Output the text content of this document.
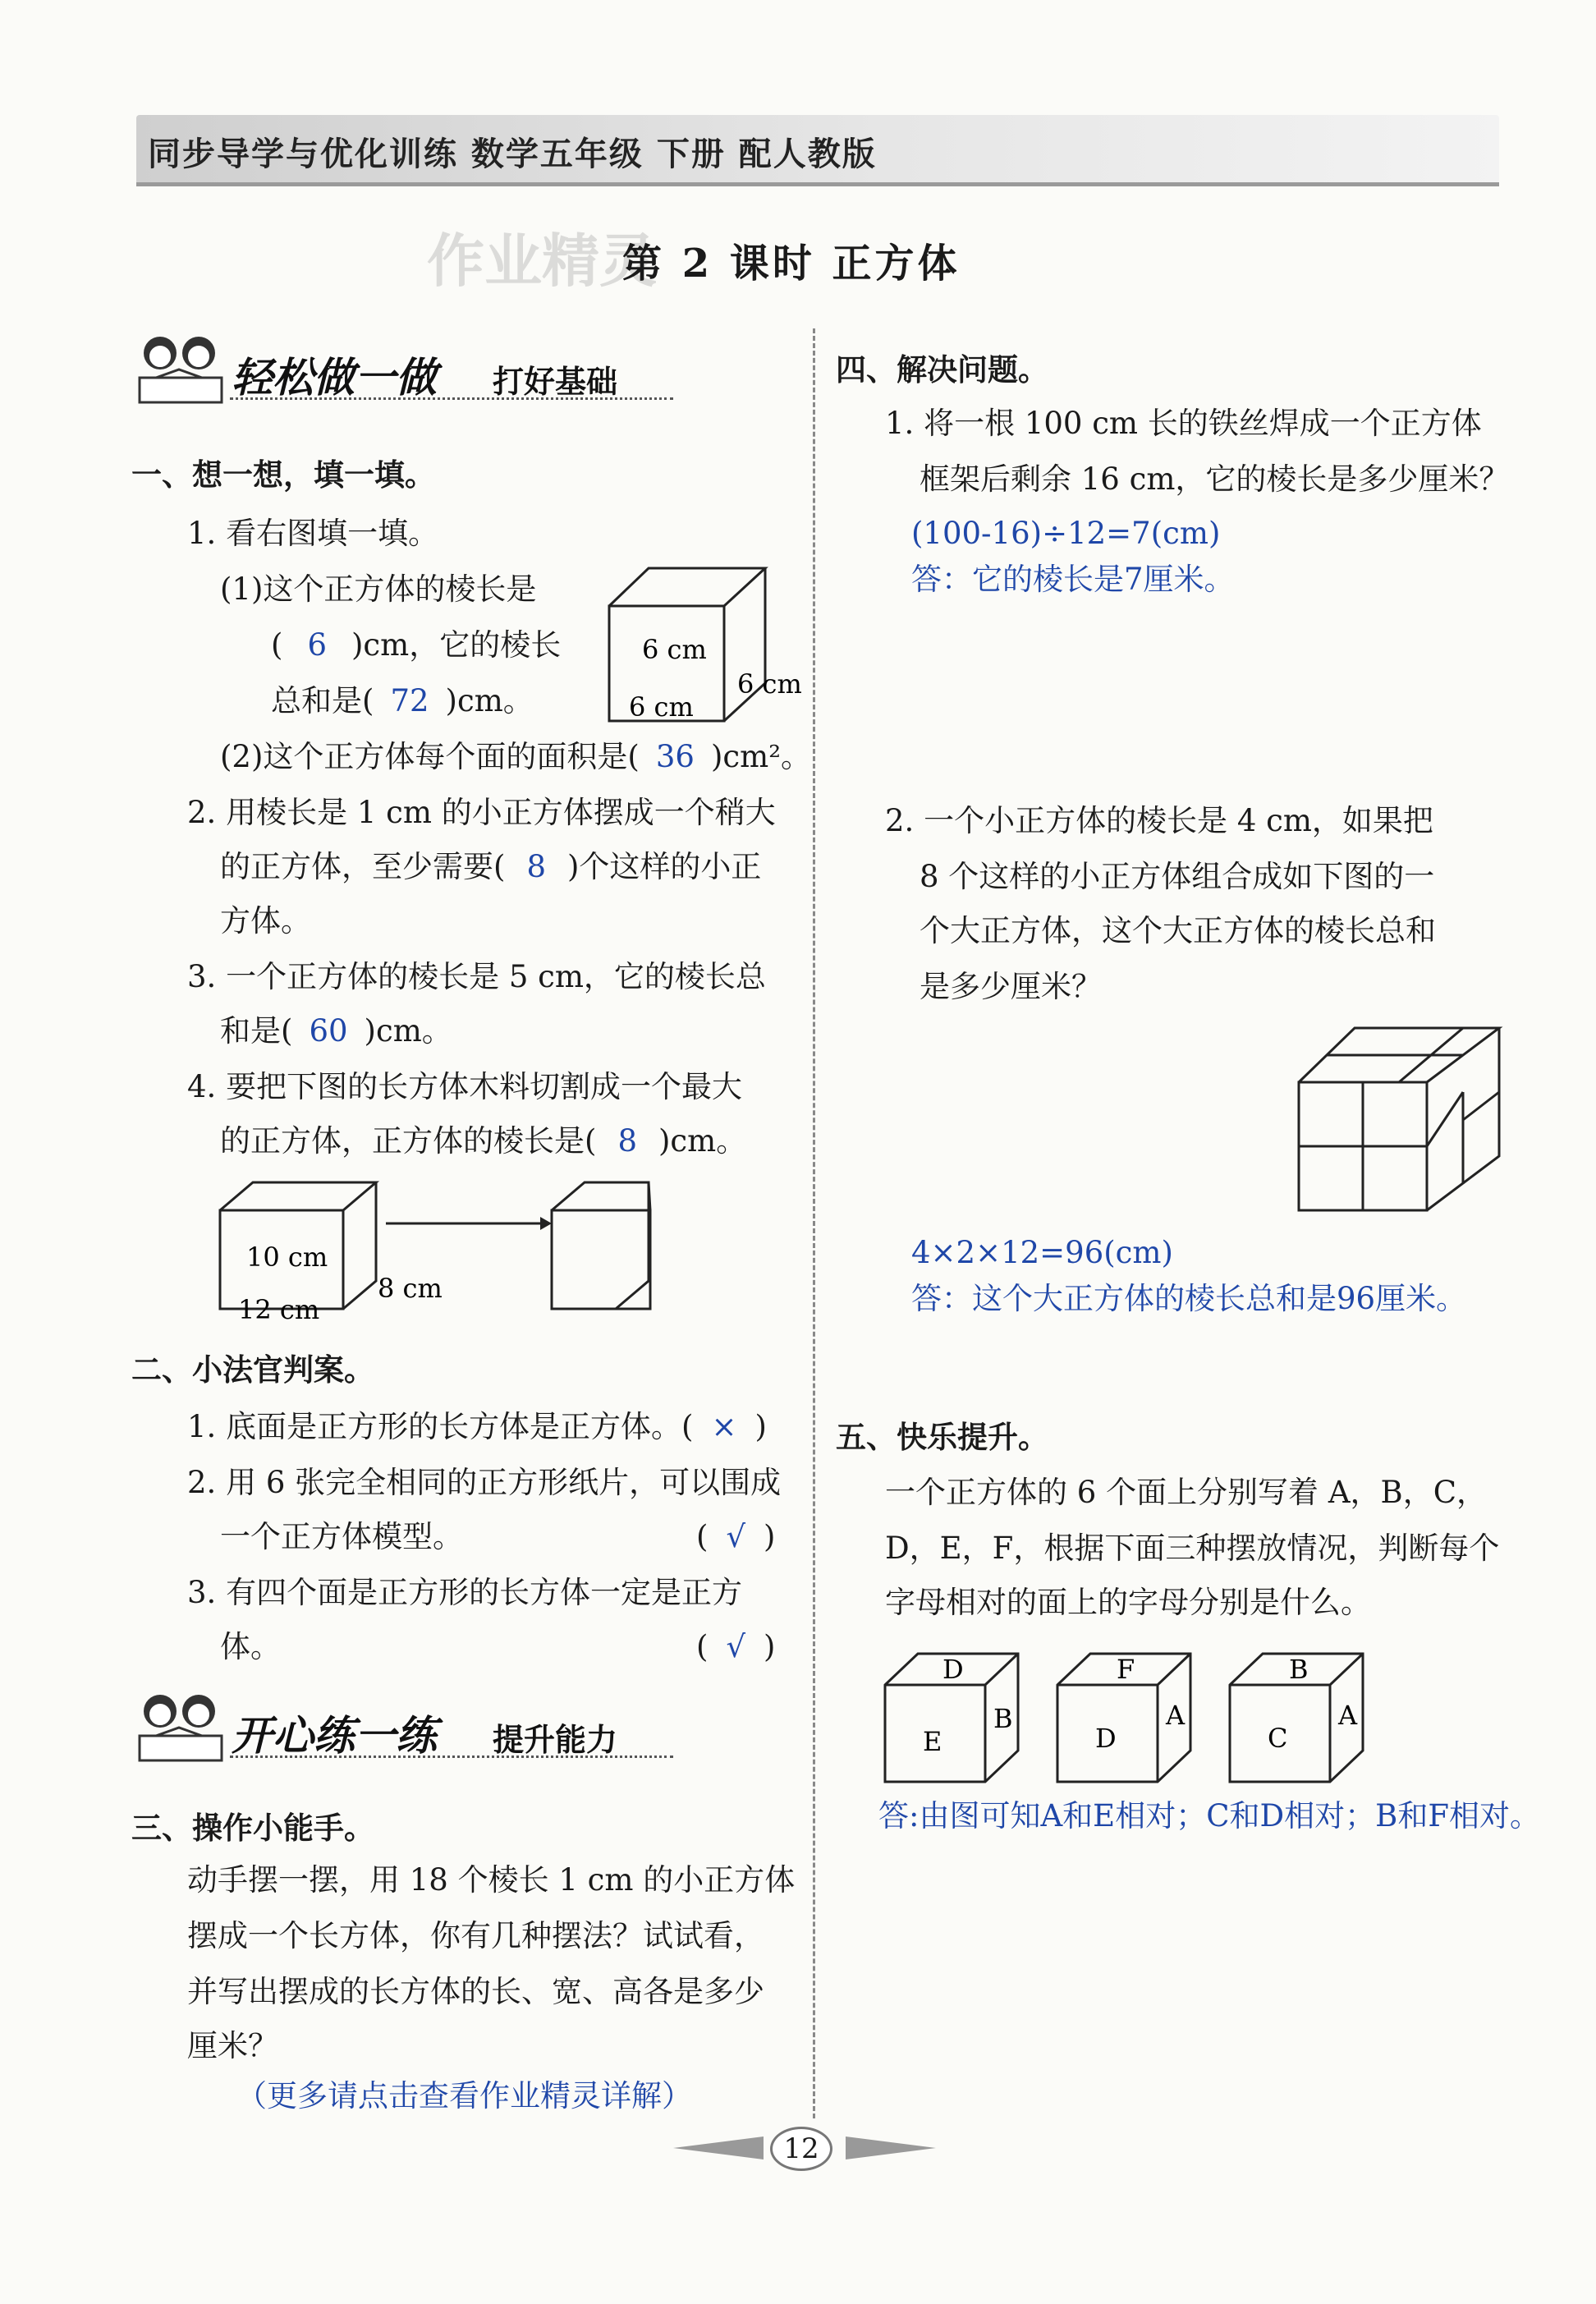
同步导学与优化训练 数学五年级 下册 配人教版
作业精灵
第 2 课时 正方体
轻松做一做 打好基础
一、想一想，填一填。
1. 看右图填一填。
(1)这个正方体的棱长是
( 6 )cm，它的棱长
总和是( 72 )cm。
(2)这个正方体每个面的面积是( 36 )cm²。
6 cm
6 cm
6 cm
2. 用棱长是 1 cm 的小正方体摆成一个稍大
的正方体，至少需要( 8 )个这样的小正
方体。
3. 一个正方体的棱长是 5 cm，它的棱长总
和是( 60 )cm。
4. 要把下图的长方体木料切割成一个最大
的正方体，正方体的棱长是( 8 )cm。
10 cm
8 cm
12 cm
二、小法官判案。
1. 底面是正方形的长方体是正方体。( × )
2. 用 6 张完全相同的正方形纸片，可以围成
一个正方体模型。	( √ )
3. 有四个面是正方形的长方体一定是正方
体。	( √ )
开心练一练 提升能力
三、操作小能手。
动手摆一摆，用 18 个棱长 1 cm 的小正方体
摆成一个长方体，你有几种摆法？试试看，
并写出摆成的长方体的长、宽、高各是多少
厘米？
（更多请点击查看作业精灵详解）
四、解决问题。
1. 将一根 100 cm 长的铁丝焊成一个正方体
框架后剩余 16 cm，它的棱长是多少厘米？
(100-16)÷12=7(cm)
答：它的棱长是7厘米。
2. 一个小正方体的棱长是 4 cm，如果把
8 个这样的小正方体组合成如下图的一
个大正方体，这个大正方体的棱长总和
是多少厘米？
4×2×12=96(cm)
答：这个大正方体的棱长总和是96厘米。
五、快乐提升。
一个正方体的 6 个面上分别写着 A，B，C，
D，E，F，根据下面三种摆放情况，判断每个
字母相对的面上的字母分别是什么。
D
E
B
F
D
A
B
C
A
答:由图可知A和E相对；C和D相对；B和F相对。
12
